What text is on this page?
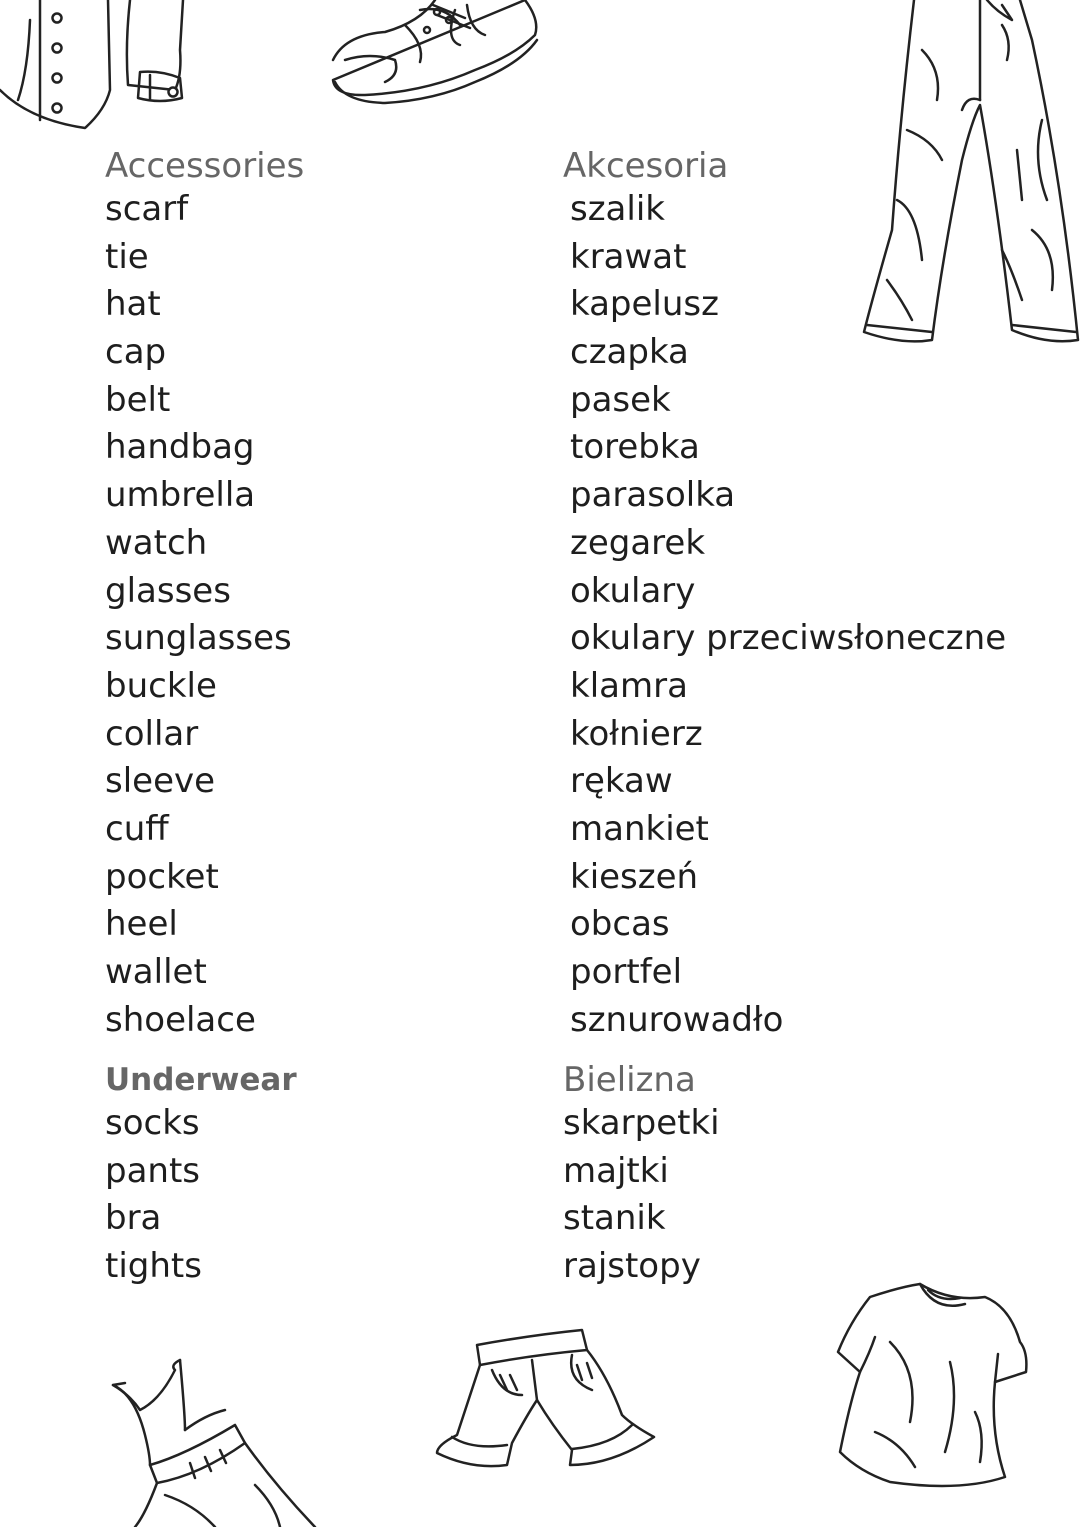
Accessories
scarf
tie
hat
cap
belt
handbag
umbrella
watch
glasses
sunglasses
buckle
collar
sleeve
cuff
pocket
heel
wallet
shoelace
Underwear
socks
pants
bra
tights
Akcesoria
szalik
krawat
kapelusz
czapka
pasek
torebka
parasolka
zegarek
okulary
okulary przeciwsłoneczne
klamra
kołnierz
rękaw
mankiet
kieszeń
obcas
portfel
sznurowadło
Bielizna
skarpetki
majtki
stanik
rajstopy
